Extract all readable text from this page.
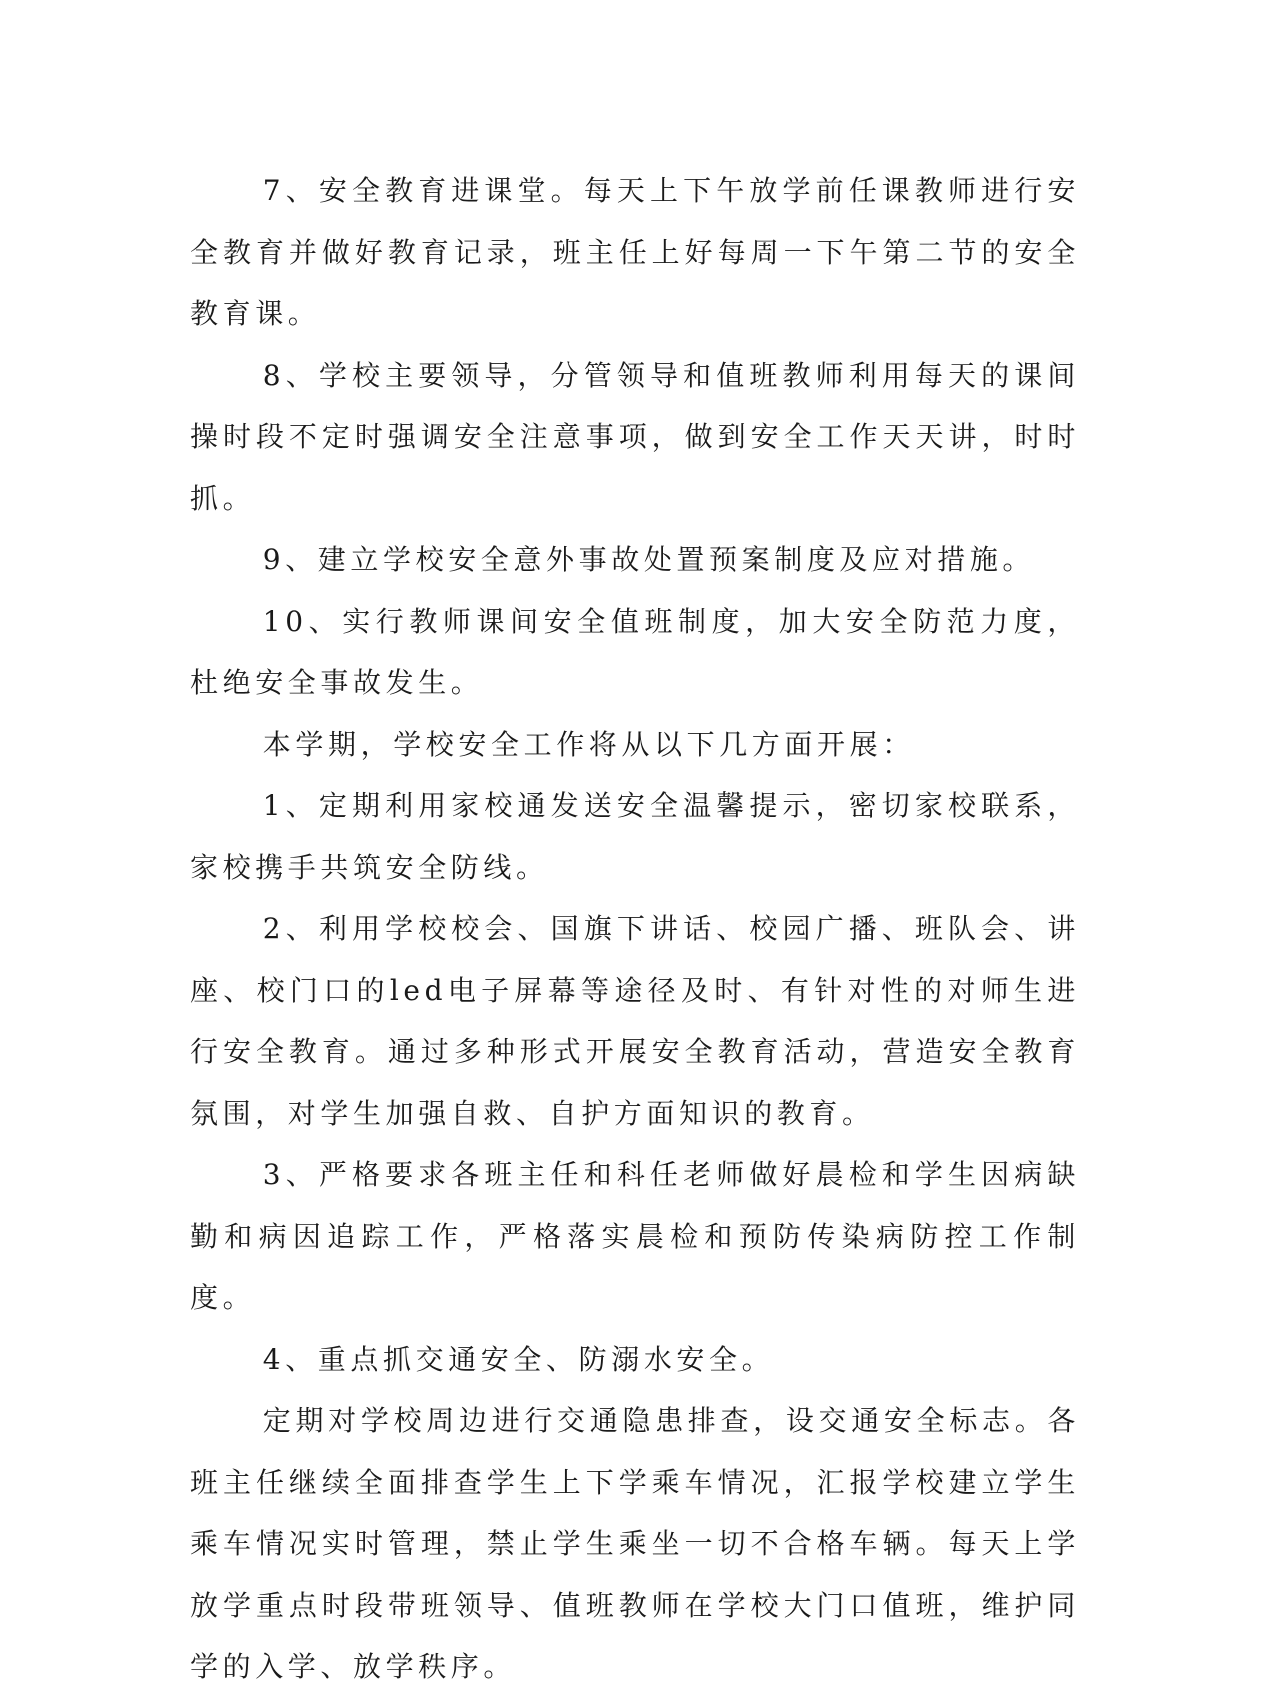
7、安全教育进课堂。每天上下午放学前任课教师进行安全教育并做好教育记录，班主任上好每周一下午第二节的安全教育课。

8、学校主要领导，分管领导和值班教师利用每天的课间操时段不定时强调安全注意事项，做到安全工作天天讲，时时抓。

9、建立学校安全意外事故处置预案制度及应对措施。

10、实行教师课间安全值班制度，加大安全防范力度，杜绝安全事故发生。

本学期，学校安全工作将从以下几方面开展：

1、定期利用家校通发送安全温馨提示，密切家校联系，家校携手共筑安全防线。

2、利用学校校会、国旗下讲话、校园广播、班队会、讲座、校门口的led电子屏幕等途径及时、有针对性的对师生进行安全教育。通过多种形式开展安全教育活动，营造安全教育氛围，对学生加强自救、自护方面知识的教育。

3、严格要求各班主任和科任老师做好晨检和学生因病缺勤和病因追踪工作，严格落实晨检和预防传染病防控工作制度。

4、重点抓交通安全、防溺水安全。

定期对学校周边进行交通隐患排查，设交通安全标志。各班主任继续全面排查学生上下学乘车情况，汇报学校建立学生乘车情况实时管理，禁止学生乘坐一切不合格车辆。每天上学放学重点时段带班领导、值班教师在学校大门口值班，维护同学的入学、放学秩序。
